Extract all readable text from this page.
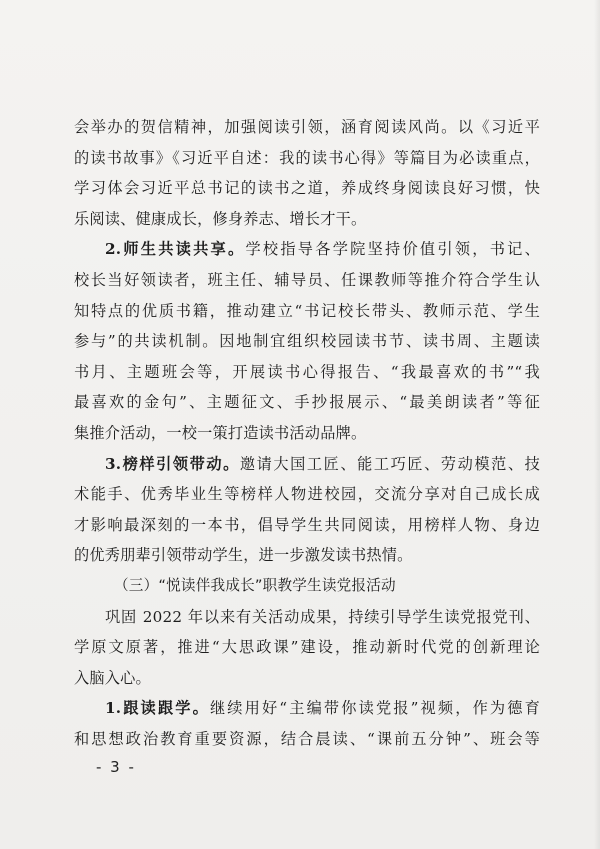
会举办的贺信精神，加强阅读引领，涵育阅读风尚。以《习近平
的读书故事》《习近平自述：我的读书心得》等篇目为必读重点，
学习体会习近平总书记的读书之道，养成终身阅读良好习惯，快
乐阅读、健康成长，修身养志、增长才干。
2.师生共读共享。学校指导各学院坚持价值引领，书记、
校长当好领读者，班主任、辅导员、任课教师等推介符合学生认
知特点的优质书籍，推动建立“书记校长带头、教师示范、学生
参与”的共读机制。因地制宜组织校园读书节、读书周、主题读
书月、主题班会等，开展读书心得报告、“我最喜欢的书”“我
最喜欢的金句”、主题征文、手抄报展示、“最美朗读者”等征
集推介活动，一校一策打造读书活动品牌。
3.榜样引领带动。邀请大国工匠、能工巧匠、劳动模范、技
术能手、优秀毕业生等榜样人物进校园，交流分享对自己成长成
才影响最深刻的一本书，倡导学生共同阅读，用榜样人物、身边
的优秀朋辈引领带动学生，进一步激发读书热情。
（三）“悦读伴我成长”职教学生读党报活动
巩固 2022 年以来有关活动成果，持续引导学生读党报党刊、
学原文原著，推进“大思政课”建设，推动新时代党的创新理论
入脑入心。
1.跟读跟学。继续用好“主编带你读党报”视频，作为德育
和思想政治教育重要资源，结合晨读、“课前五分钟”、班会等
- 3 -
